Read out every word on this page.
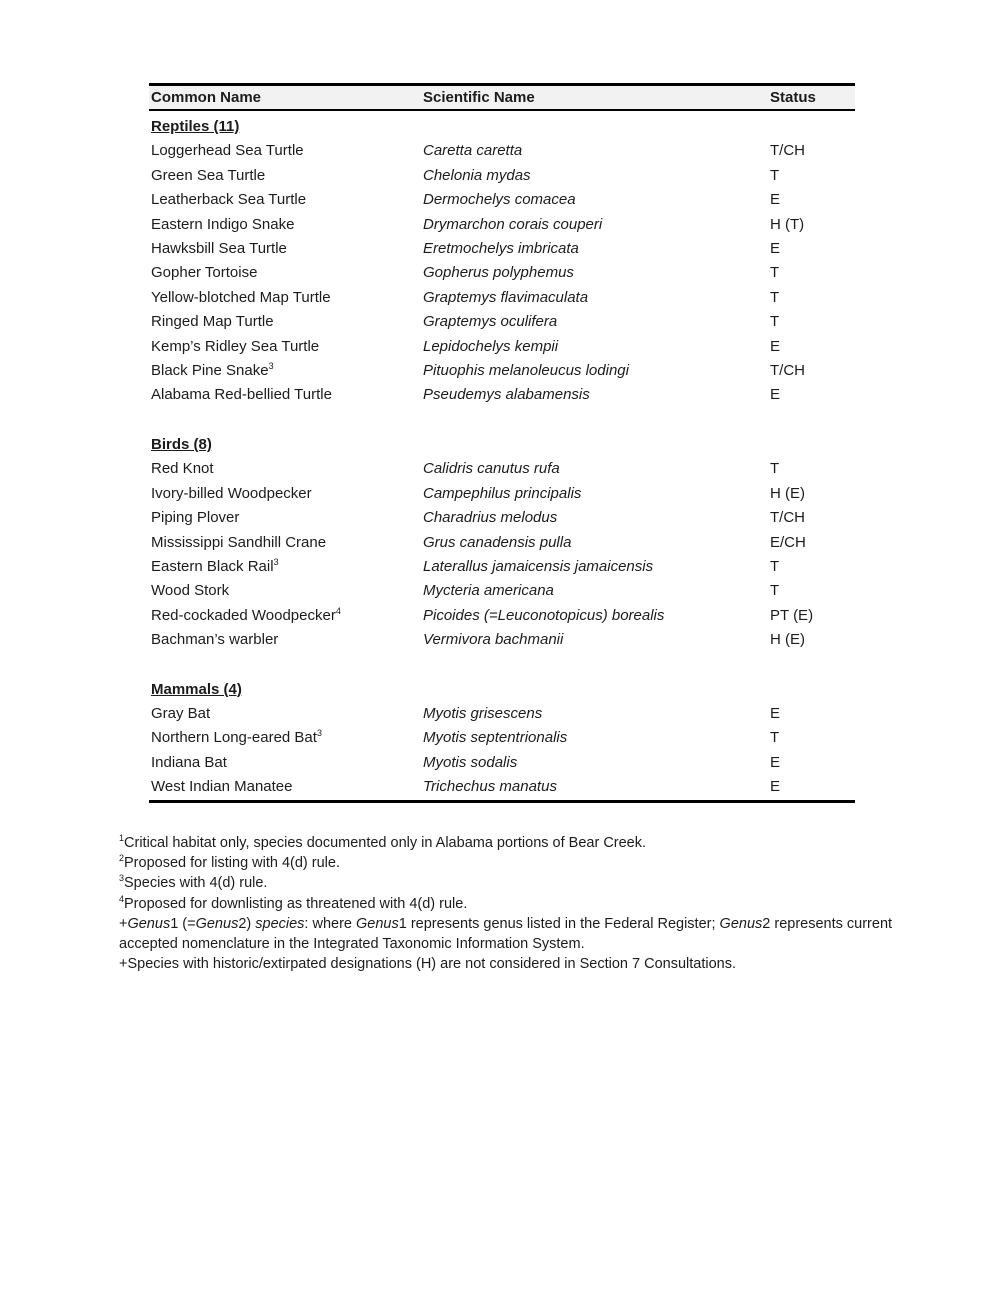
Common Name	Scientific Name	Status
Reptiles (11)
Loggerhead Sea Turtle	Caretta caretta	T/CH
Green Sea Turtle	Chelonia mydas	T
Leatherback Sea Turtle	Dermochelys comacea	E
Eastern Indigo Snake	Drymarchon corais couperi	H (T)
Hawksbill Sea Turtle	Eretmochelys imbricata	E
Gopher Tortoise	Gopherus polyphemus	T
Yellow-blotched Map Turtle	Graptemys flavimaculata	T
Ringed Map Turtle	Graptemys oculifera	T
Kemp’s Ridley Sea Turtle	Lepidochelys kempii	E
Black Pine Snake$^3$	Pituophis melanoleucus lodingi	T/CH
Alabama Red-bellied Turtle	Pseudemys alabamensis	E
Birds (8)
Red Knot	Calidris canutus rufa	T
Ivory-billed Woodpecker	Campephilus principalis	H (E)
Piping Plover	Charadrius melodus	T/CH
Mississippi Sandhill Crane	Grus canadensis pulla	E/CH
Eastern Black Rail$^3$	Laterallus jamaicensis jamaicensis	T
Wood Stork	Mycteria americana	T
Red-cockaded Woodpecker$^4$	Picoides (=Leuconotopicus) borealis	PT (E)
Bachman’s warbler	Vermivora bachmanii	H (E)
Mammals (4)
Gray Bat	Myotis grisescens	E
Northern Long-eared Bat$^3$	Myotis septentrionalis	T
Indiana Bat	Myotis sodalis	E
West Indian Manatee	Trichechus manatus	E

$^1$Critical habitat only, species documented only in Alabama portions of Bear Creek.

$^2$Proposed for listing with 4(d) rule.

$^3$Species with 4(d) rule.

$^4$Proposed for downlisting as threatened with 4(d) rule.

+Genus1 (=Genus2) species: where Genus1 represents genus listed in the Federal Register; Genus2 represents current accepted nomenclature in the Integrated Taxonomic Information System.

+Species with historic/extirpated designations (H) are not considered in Section 7 Consultations.
